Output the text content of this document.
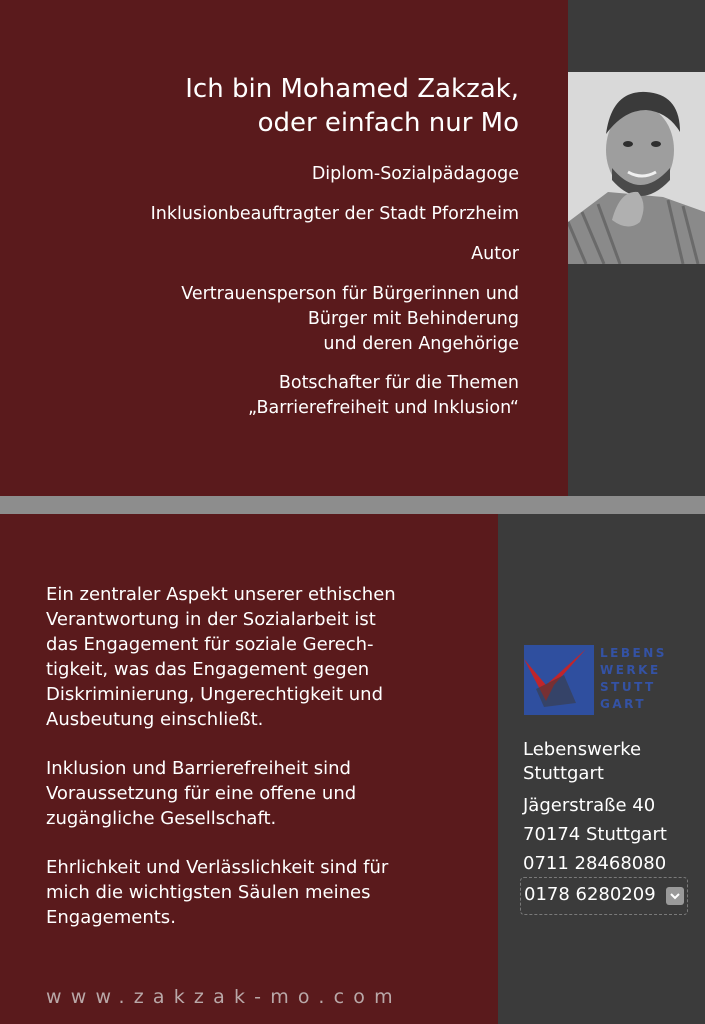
Ich bin Mohamed Zakzak,
oder einfach nur Mo
Diplom-Sozialpädagoge
Inklusionbeauftragter der Stadt Pforzheim
Autor
Vertrauensperson für Bürgerinnen und
Bürger mit Behinderung
und deren Angehörige
Botschafter für die Themen
„Barrierefreiheit und Inklusion“
Ein zentraler Aspekt unserer ethischen
Verantwortung in der Sozialarbeit ist
das Engagement für soziale Gerech-
tigkeit, was das Engagement gegen
Diskriminierung, Ungerechtigkeit und
Ausbeutung einschließt.
Inklusion und Barrierefreiheit sind
Voraussetzung für eine offene und
zugängliche Gesellschaft.
Ehrlichkeit und Verlässlichkeit sind für
mich die wichtigsten Säulen meines
Engagements.
www.zakzak-mo.com
LEBENS
WERKE
STUTT
GART
Lebenswerke
Stuttgart
Jägerstraße 40
70174 Stuttgart
0711 28468080
0178 6280209
